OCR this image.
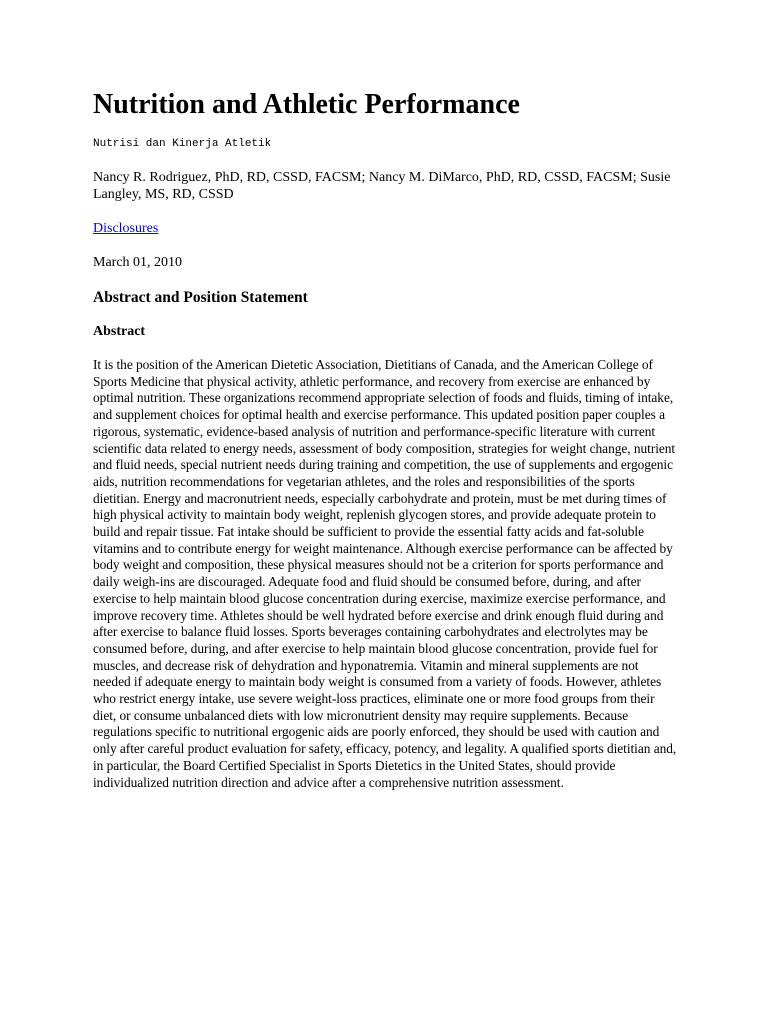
Nutrition and Athletic Performance
Nutrisi dan Kinerja Atletik
Nancy R. Rodriguez, PhD, RD, CSSD, FACSM; Nancy M. DiMarco, PhD, RD, CSSD, FACSM; Susie Langley, MS, RD, CSSD
Disclosures
March 01, 2010
Abstract and Position Statement
Abstract

It is the position of the American Dietetic Association, Dietitians of Canada, and the American College of Sports Medicine that physical activity, athletic performance, and recovery from exercise are enhanced by optimal nutrition. These organizations recommend appropriate selection of foods and fluids, timing of intake, and supplement choices for optimal health and exercise performance. This updated position paper couples a rigorous, systematic, evidence-based analysis of nutrition and performance-specific literature with current scientific data related to energy needs, assessment of body composition, strategies for weight change, nutrient and fluid needs, special nutrient needs during training and competition, the use of supplements and ergogenic aids, nutrition recommendations for vegetarian athletes, and the roles and responsibilities of the sports dietitian. Energy and macronutrient needs, especially carbohydrate and protein, must be met during times of high physical activity to maintain body weight, replenish glycogen stores, and provide adequate protein to build and repair tissue. Fat intake should be sufficient to provide the essential fatty acids and fat-soluble vitamins and to contribute energy for weight maintenance. Although exercise performance can be affected by body weight and composition, these physical measures should not be a criterion for sports performance and daily weigh-ins are discouraged. Adequate food and fluid should be consumed before, during, and after exercise to help maintain blood glucose concentration during exercise, maximize exercise performance, and improve recovery time. Athletes should be well hydrated before exercise and drink enough fluid during and after exercise to balance fluid losses. Sports beverages containing carbohydrates and electrolytes may be consumed before, during, and after exercise to help maintain blood glucose concentration, provide fuel for muscles, and decrease risk of dehydration and hyponatremia. Vitamin and mineral supplements are not needed if adequate energy to maintain body weight is consumed from a variety of foods. However, athletes who restrict energy intake, use severe weight-loss practices, eliminate one or more food groups from their diet, or consume unbalanced diets with low micronutrient density may require supplements. Because regulations specific to nutritional ergogenic aids are poorly enforced, they should be used with caution and only after careful product evaluation for safety, efficacy, potency, and legality. A qualified sports dietitian and, in particular, the Board Certified Specialist in Sports Dietetics in the United States, should provide individualized nutrition direction and advice after a comprehensive nutrition assessment.
